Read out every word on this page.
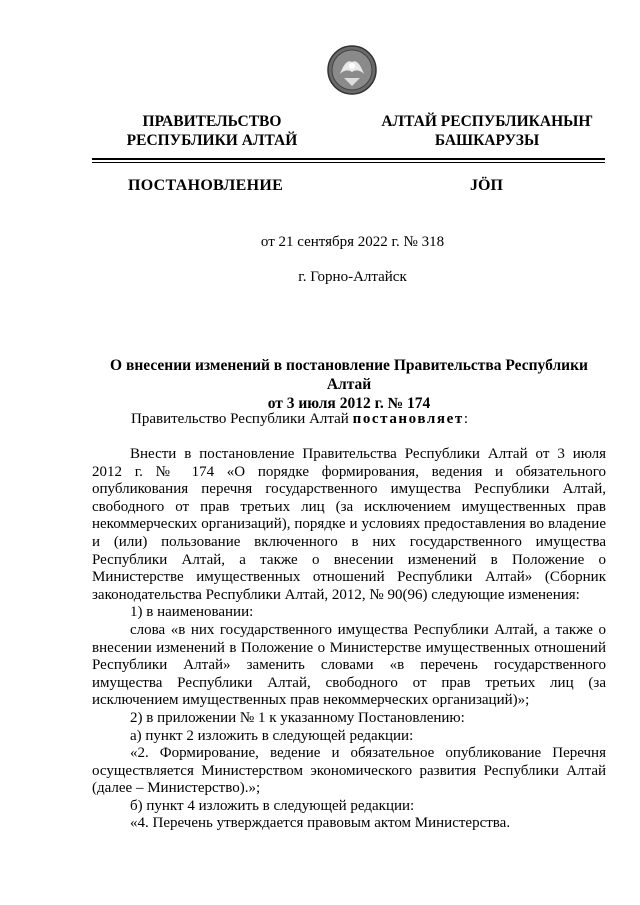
ПРАВИТЕЛЬСТВО
РЕСПУБЛИКИ АЛТАЙ
АЛТАЙ РЕСПУБЛИКАНЫҤ
БАШКАРУЗЫ
ПОСТАНОВЛЕНИЕ	JÖП
от 21 сентября 2022 г. № 318
г. Горно-Алтайск
О внесении изменений в постановление Правительства Республики Алтай
от 3 июля 2012 г. № 174
Правительство Республики Алтай постановляет:

Внести в постановление Правительства Республики Алтай от 3 июля 2012 г. № 174 «О порядке формирования, ведения и обязательного опубликования перечня государственного имущества Республики Алтай, свободного от прав третьих лиц (за исключением имущественных прав некоммерческих организаций), порядке и условиях предоставления во владение и (или) пользование включенного в них государственного имущества Республики Алтай, а также о внесении изменений в Положение о Министерстве имущественных отношений Республики Алтай» (Сборник законодательства Республики Алтай, 2012, № 90(96) следующие изменения:

1) в наименовании:

слова «в них государственного имущества Республики Алтай, а также о внесении изменений в Положение о Министерстве имущественных отношений Республики Алтай» заменить словами «в перечень государственного имущества Республики Алтай, свободного от прав третьих лиц (за исключением имущественных прав некоммерческих организаций)»;

2) в приложении № 1 к указанному Постановлению:

а) пункт 2 изложить в следующей редакции:

«2. Формирование, ведение и обязательное опубликование Перечня осуществляется Министерством экономического развития Республики Алтай (далее – Министерство).»;

б) пункт 4 изложить в следующей редакции:

«4. Перечень утверждается правовым актом Министерства.
